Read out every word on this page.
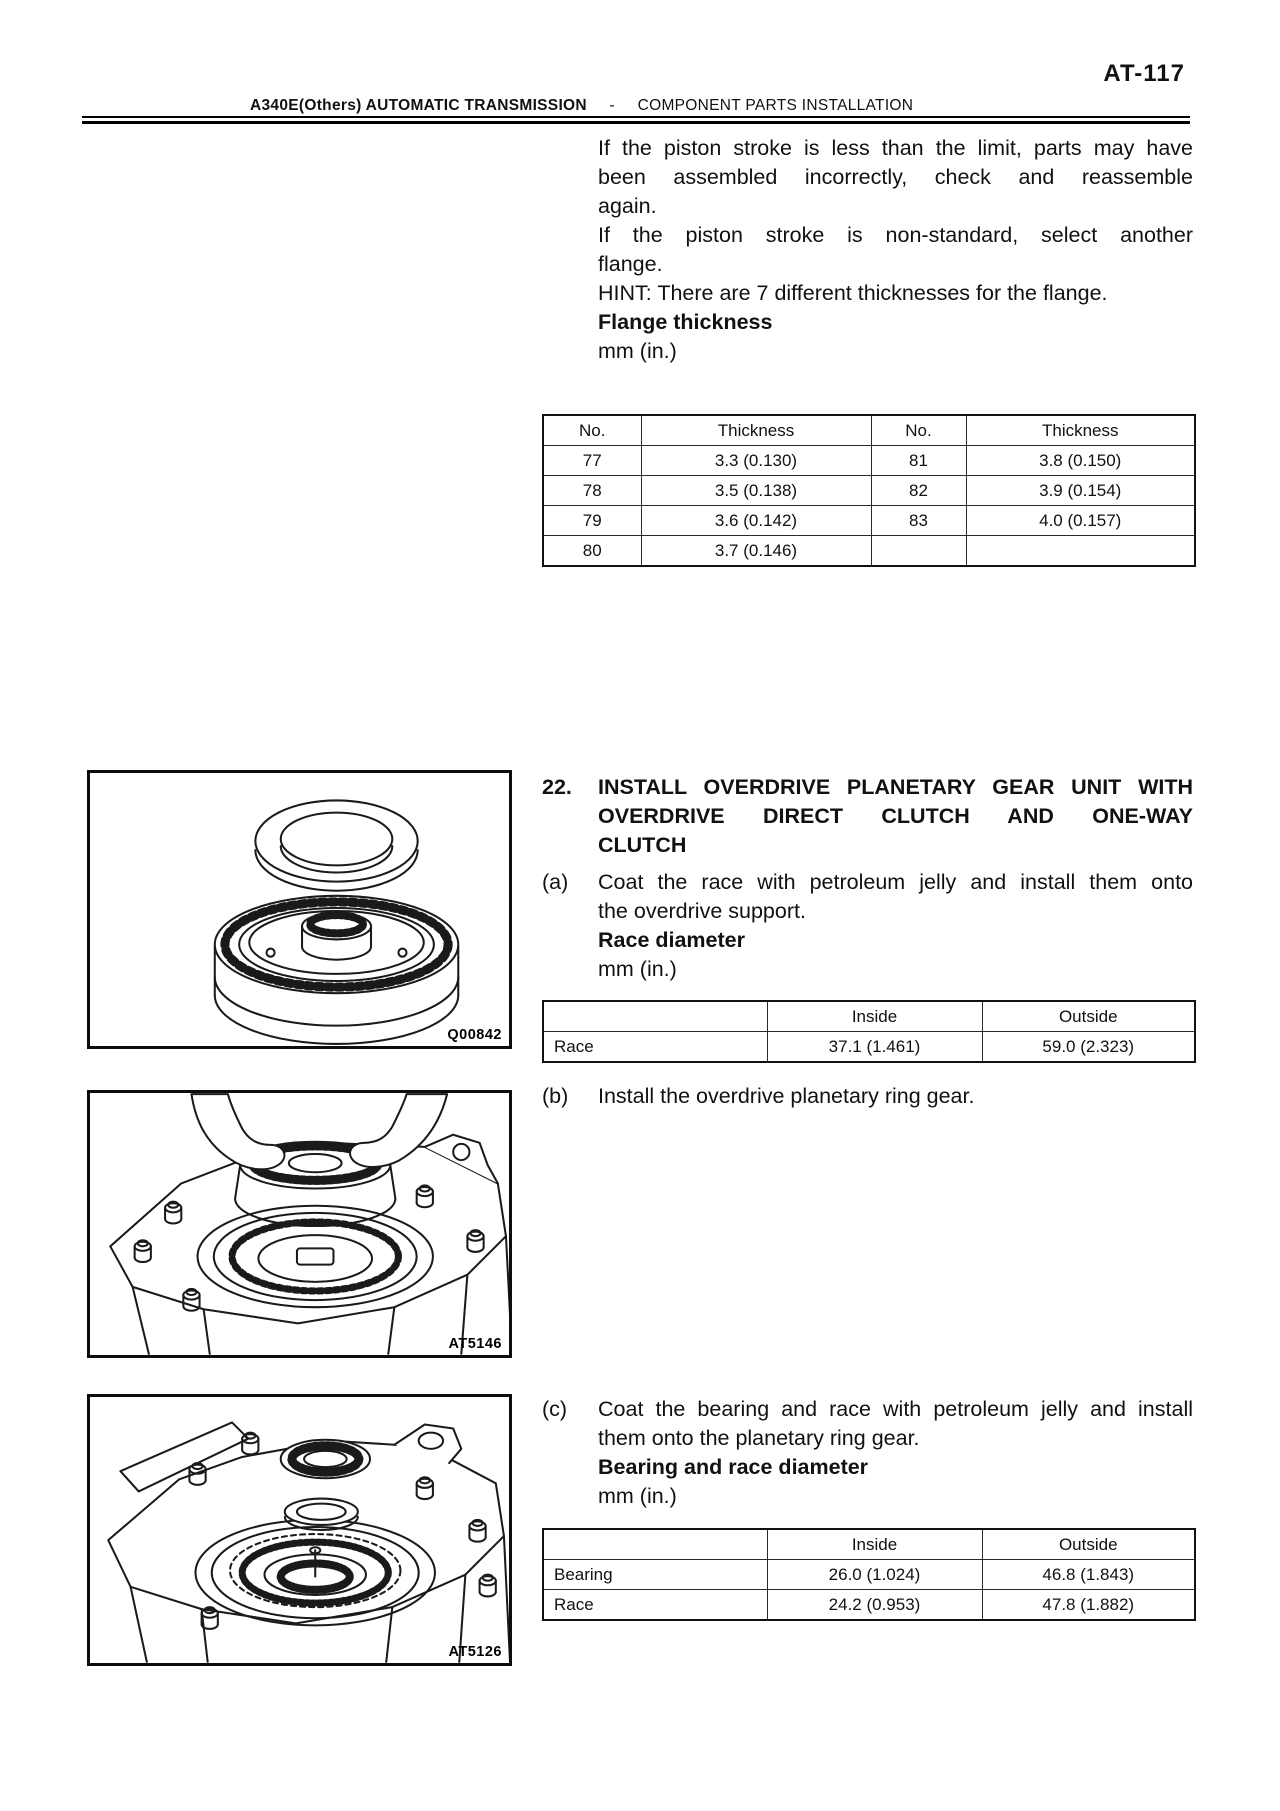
AT-117
A340E(Others) AUTOMATIC TRANSMISSION - COMPONENT PARTS INSTALLATION
If the piston stroke is less than the limit, parts may have
been assembled incorrectly, check and reassemble
again.
If the piston stroke is non-standard, select another
flange.
HINT: There are 7 different thicknesses for the flange.
Flange thickness
mm (in.)
No.	Thickness	No.	Thickness
77	3.3 (0.130)	81	3.8 (0.150)
78	3.5 (0.138)	82	3.9 (0.154)
79	3.6 (0.142)	83	4.0 (0.157)
80	3.7 (0.146)		
Q00842
22. INSTALL OVERDRIVE PLANETARY GEAR UNIT WITH
OVERDRIVE DIRECT CLUTCH AND ONE-WAY
CLUTCH
(a) Coat the race with petroleum jelly and install them onto
the overdrive support.
Race diameter
mm (in.)
	Inside	Outside
Race	37.1 (1.461)	59.0 (2.323)
(b) Install the overdrive planetary ring gear.
AT5146
AT5126
(c) Coat the bearing and race with petroleum jelly and install
them onto the planetary ring gear.
Bearing and race diameter
mm (in.)
	Inside	Outside
Bearing	26.0 (1.024)	46.8 (1.843)
Race	24.2 (0.953)	47.8 (1.882)
